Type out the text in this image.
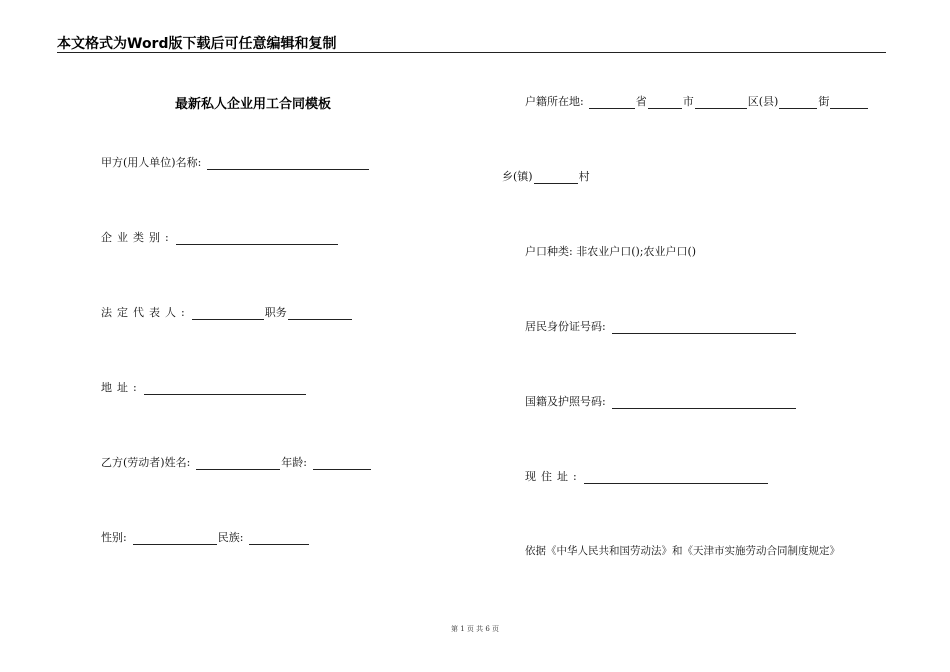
本文格式为Word版下载后可任意编辑和复制
最新私人企业用工合同模板
甲方(用人单位)名称:
企业类别:
法定代表人:	职务
地址:
乙方(劳动者)姓名:	年龄:
性别:	民族:
户籍所在地:	省	市	区(县)	街
乡(镇)	村
户口种类: 非农业户口();农业户口()
居民身份证号码:
国籍及护照号码:
现住址:
依据《中华人民共和国劳动法》和《天津市实施劳动合同制度规定》
第 1 页 共 6 页
